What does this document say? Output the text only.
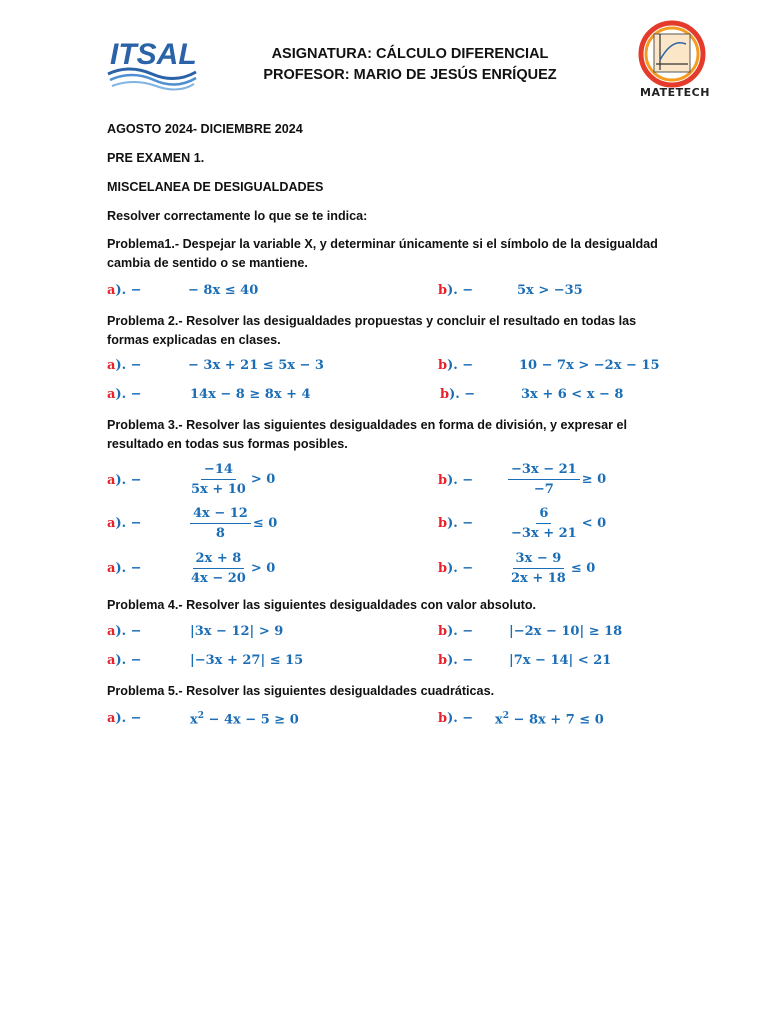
ITSAL	ASIGNATURA: CÁLCULO DIFERENCIAL
PROFESOR: MARIO DE JESÚS ENRÍQUEZ
MATETECH
AGOSTO 2024- DICIEMBRE 2024
PRE EXAMEN 1.
MISCELANEA DE DESIGUALDADES
Resolver correctamente lo que se te indica:
Problema1.- Despejar la variable X, y determinar únicamente si el símbolo de la desigualdad cambia de sentido o se mantiene.
a). −	− 8x ≤ 40	b). −	5x > −35
Problema 2.- Resolver las desigualdades propuestas y concluir el resultado en todas las formas explicadas en clases.
a). −	− 3x + 21 ≤ 5x − 3	b). −	10 − 7x > −2x − 15
a). −	14x − 8 ≥ 8x + 4	b). −	3x + 6 < x − 8
Problema 3.- Resolver las siguientes desigualdades en forma de división, y expresar el resultado en todas sus formas posibles.
a). −	b). −
$\frac{-14}{5x + 10} > 0$	$\frac{-3x - 21}{-7} \ge 0$
a). −	b). −
$\frac{4x - 12}{8} \le 0$	$\frac{6}{-3x + 21} < 0$
a). −	b). −
$\frac{2x + 8}{4x - 20} > 0$	$\frac{3x - 9}{2x + 18} \le 0$
Problema 4.- Resolver las siguientes desigualdades con valor absoluto.
a). −	|3x − 12| > 9	b). −	|−2x − 10| ≥ 18
a). −	|−3x + 27| ≤ 15	b). −	|7x − 14| < 21
Problema 5.- Resolver las siguientes desigualdades cuadráticas.
a). −	$x^2 - 4x - 5 \ge 0$	b). − $x^2 - 8x + 7 \le 0$
